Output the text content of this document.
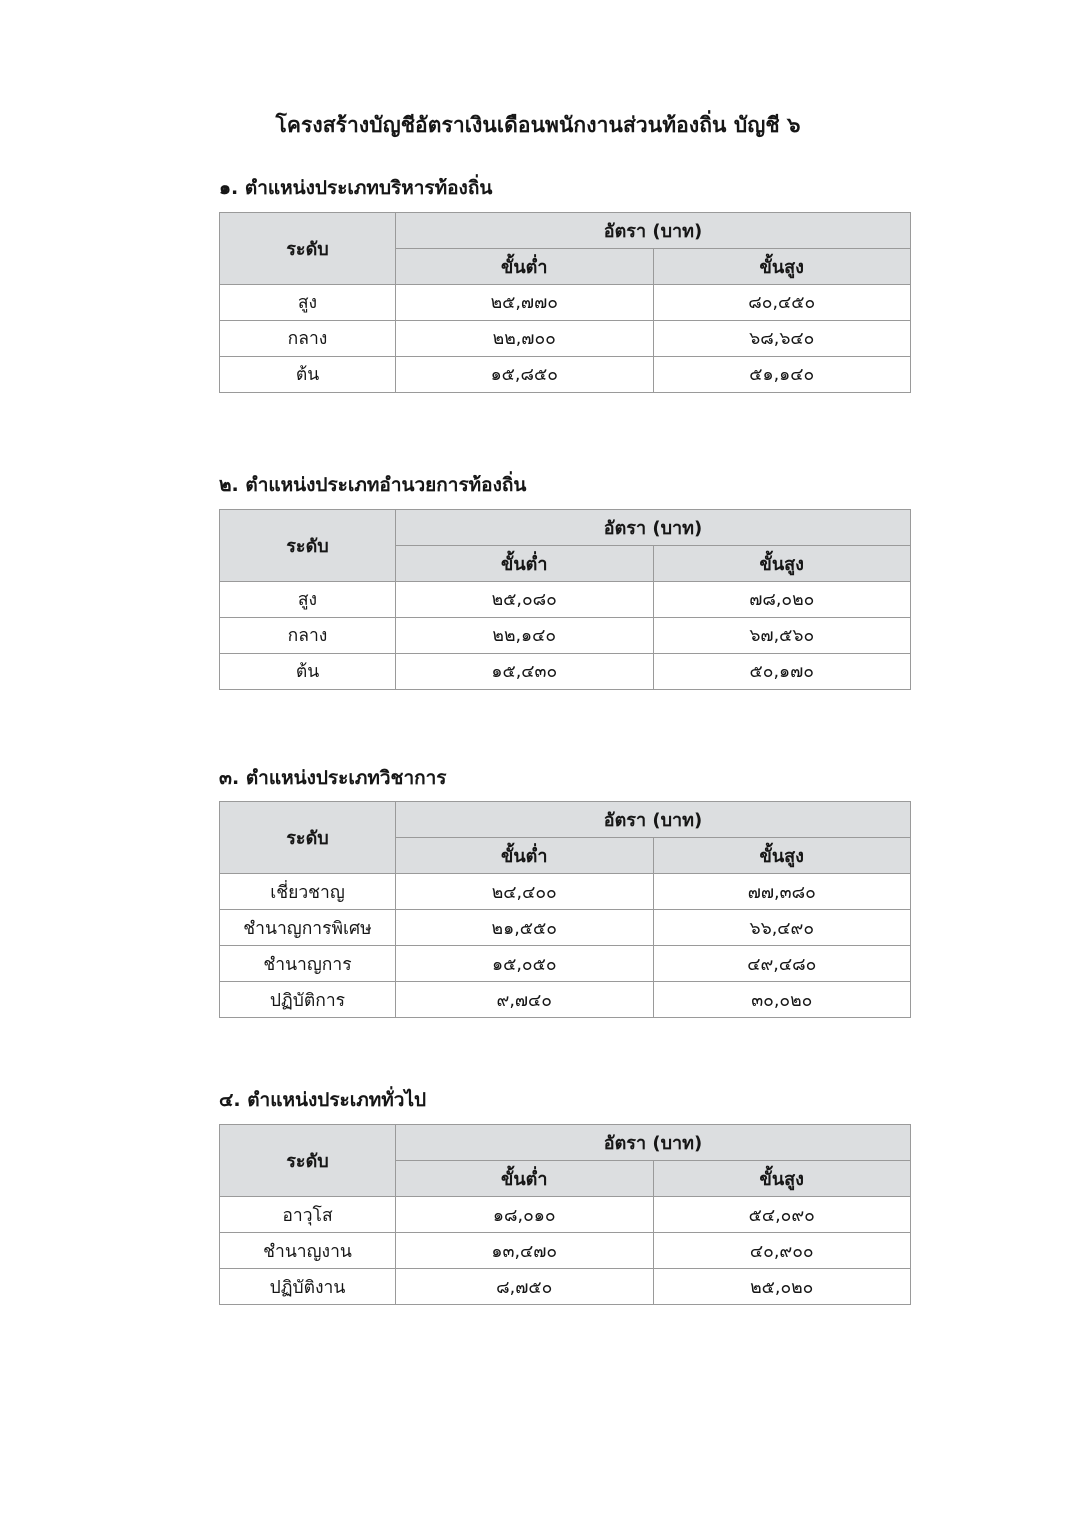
โครงสร้างบัญชีอัตราเงินเดือนพนักงานส่วนท้องถิ่น บัญชี ๖
๑. ตำแหน่งประเภทบริหารท้องถิ่น
ระดับ	อัตรา (บาท)	
	ขั้นต่ำ	ขั้นสูง
สูง	๒๕,๗๗๐	๘๐,๔๕๐
กลาง	๒๒,๗๐๐	๖๘,๖๔๐
ต้น	๑๕,๘๕๐	๕๑,๑๔๐
๒. ตำแหน่งประเภทอำนวยการท้องถิ่น
ระดับ	อัตรา (บาท)	
	ขั้นต่ำ	ขั้นสูง
สูง	๒๕,๐๘๐	๗๘,๐๒๐
กลาง	๒๒,๑๔๐	๖๗,๕๖๐
ต้น	๑๕,๔๓๐	๕๐,๑๗๐
๓. ตำแหน่งประเภทวิชาการ
ระดับ	อัตรา (บาท)	
	ขั้นต่ำ	ขั้นสูง
เชี่ยวชาญ	๒๔,๔๐๐	๗๗,๓๘๐
ชำนาญการพิเศษ	๒๑,๕๕๐	๖๖,๔๙๐
ชำนาญการ	๑๕,๐๕๐	๔๙,๔๘๐
ปฏิบัติการ	๙,๗๔๐	๓๐,๐๒๐
๔. ตำแหน่งประเภททั่วไป
ระดับ	อัตรา (บาท)	
	ขั้นต่ำ	ขั้นสูง
อาวุโส	๑๘,๐๑๐	๕๔,๐๙๐
ชำนาญงาน	๑๓,๔๗๐	๔๐,๙๐๐
ปฏิบัติงาน	๘,๗๕๐	๒๕,๐๒๐
